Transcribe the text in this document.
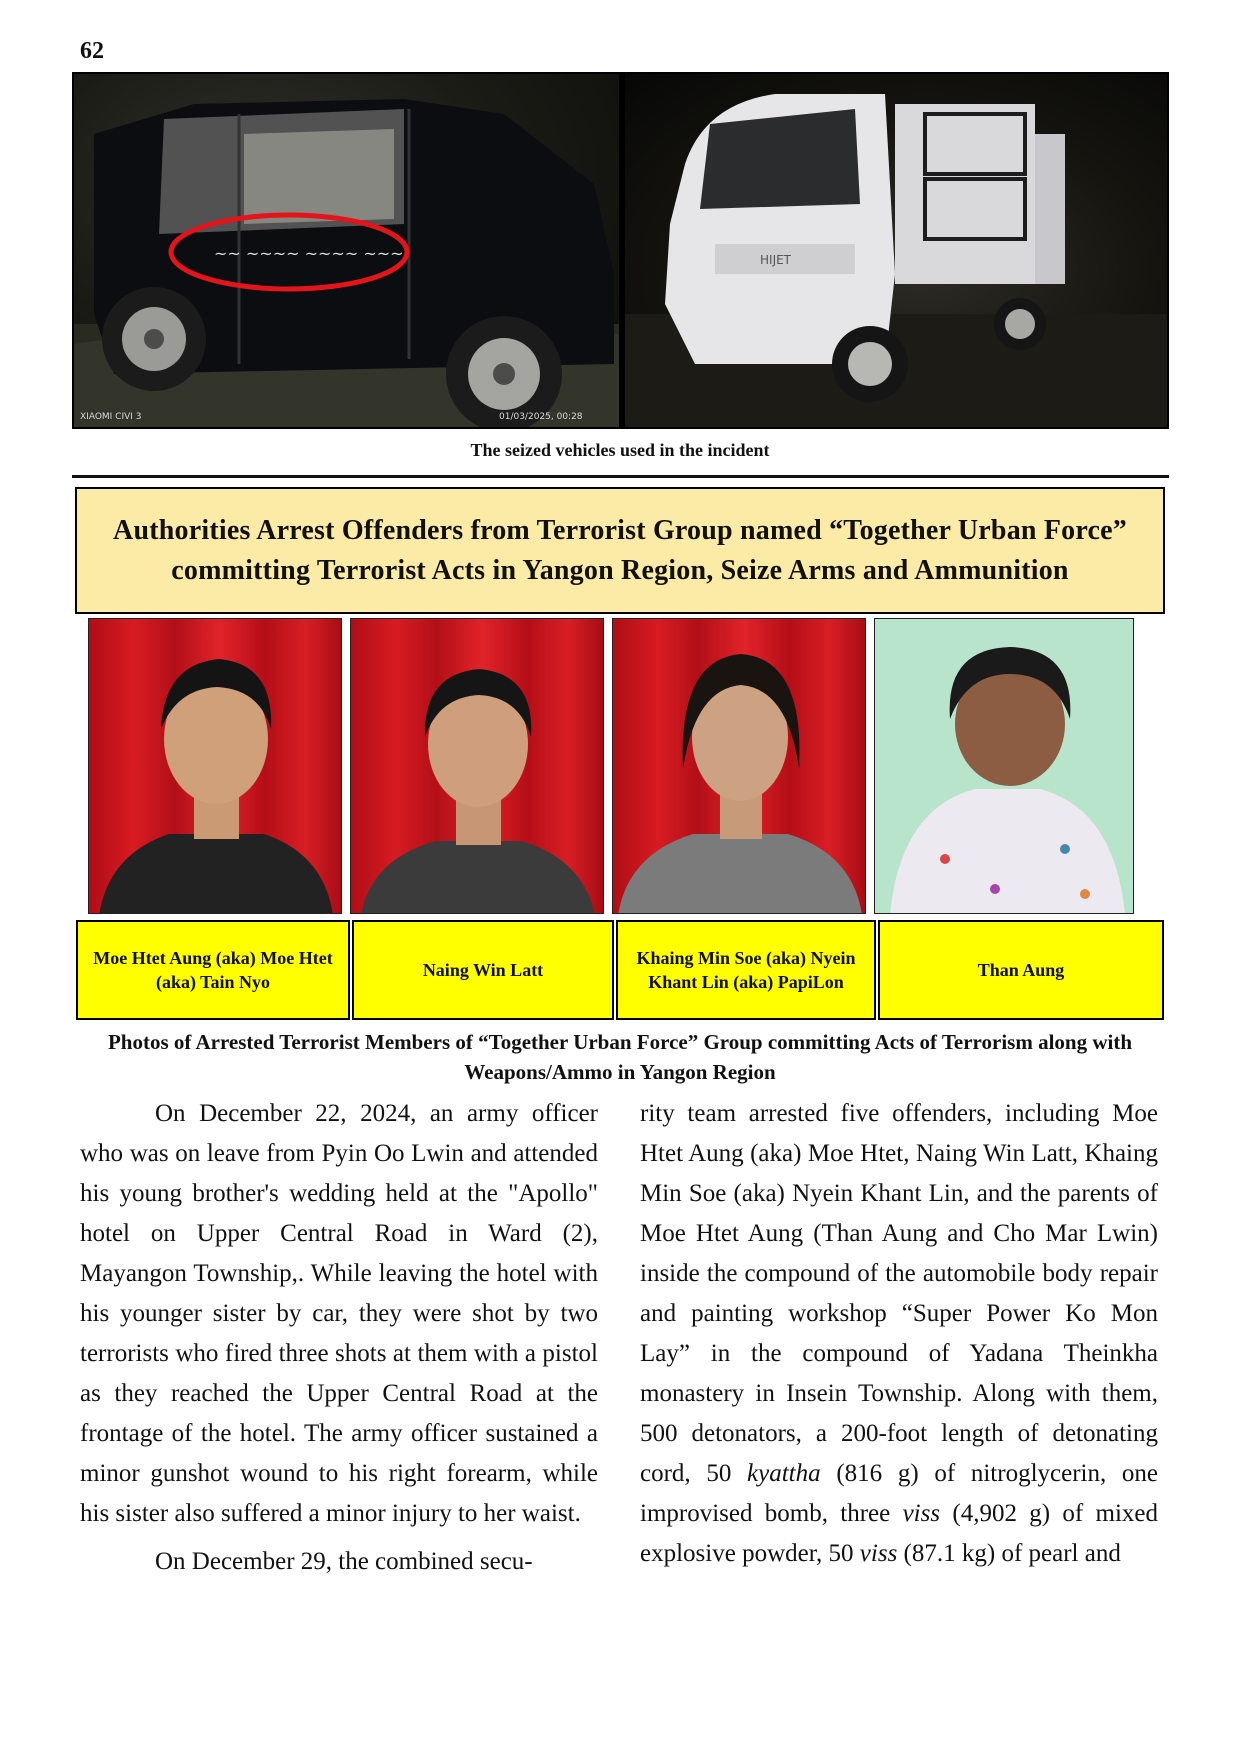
62
~~ ~~~~ ~~~~ ~~~
XIAOMI CIVI 3	01/03/2025, 00:28
HIJET
The seized vehicles used in the incident
Authorities Arrest Offenders from Terrorist Group named “Together Urban Force” committing Terrorist Acts in Yangon Region, Seize Arms and Ammunition
Moe Htet Aung (aka) Moe Htet (aka) Tain Nyo
Naing Win Latt
Khaing Min Soe (aka) Nyein Khant Lin (aka) PapiLon
Than Aung
Photos of Arrested Terrorist Members of “Together Urban Force” Group committing Acts of Terrorism along with Weapons/Ammo in Yangon Region

On December 22, 2024, an army officer who was on leave from Pyin Oo Lwin and attended his young brother's wedding held at the "Apollo" hotel on Upper Central Road in Ward (2), Mayangon Township,. While leaving the hotel with his younger sister by car, they were shot by two terrorists who fired three shots at them with a pistol as they reached the Upper Central Road at the frontage of the hotel. The army officer sustained a minor gunshot wound to his right forearm, while his sister also suffered a minor injury to her waist.

On December 29, the combined secu-

rity team arrested five offenders, including Moe Htet Aung (aka) Moe Htet, Naing Win Latt, Khaing Min Soe (aka) Nyein Khant Lin, and the parents of Moe Htet Aung (Than Aung and Cho Mar Lwin) inside the compound of the automobile body repair and painting workshop “Super Power Ko Mon Lay” in the compound of Yadana Theinkha monastery in Insein Township. Along with them, 500 detonators, a 200-foot length of detonating cord, 50 kyattha (816 g) of nitroglycerin, one improvised bomb, three viss (4,902 g) of mixed explosive powder, 50 viss (87.1 kg) of pearl and
